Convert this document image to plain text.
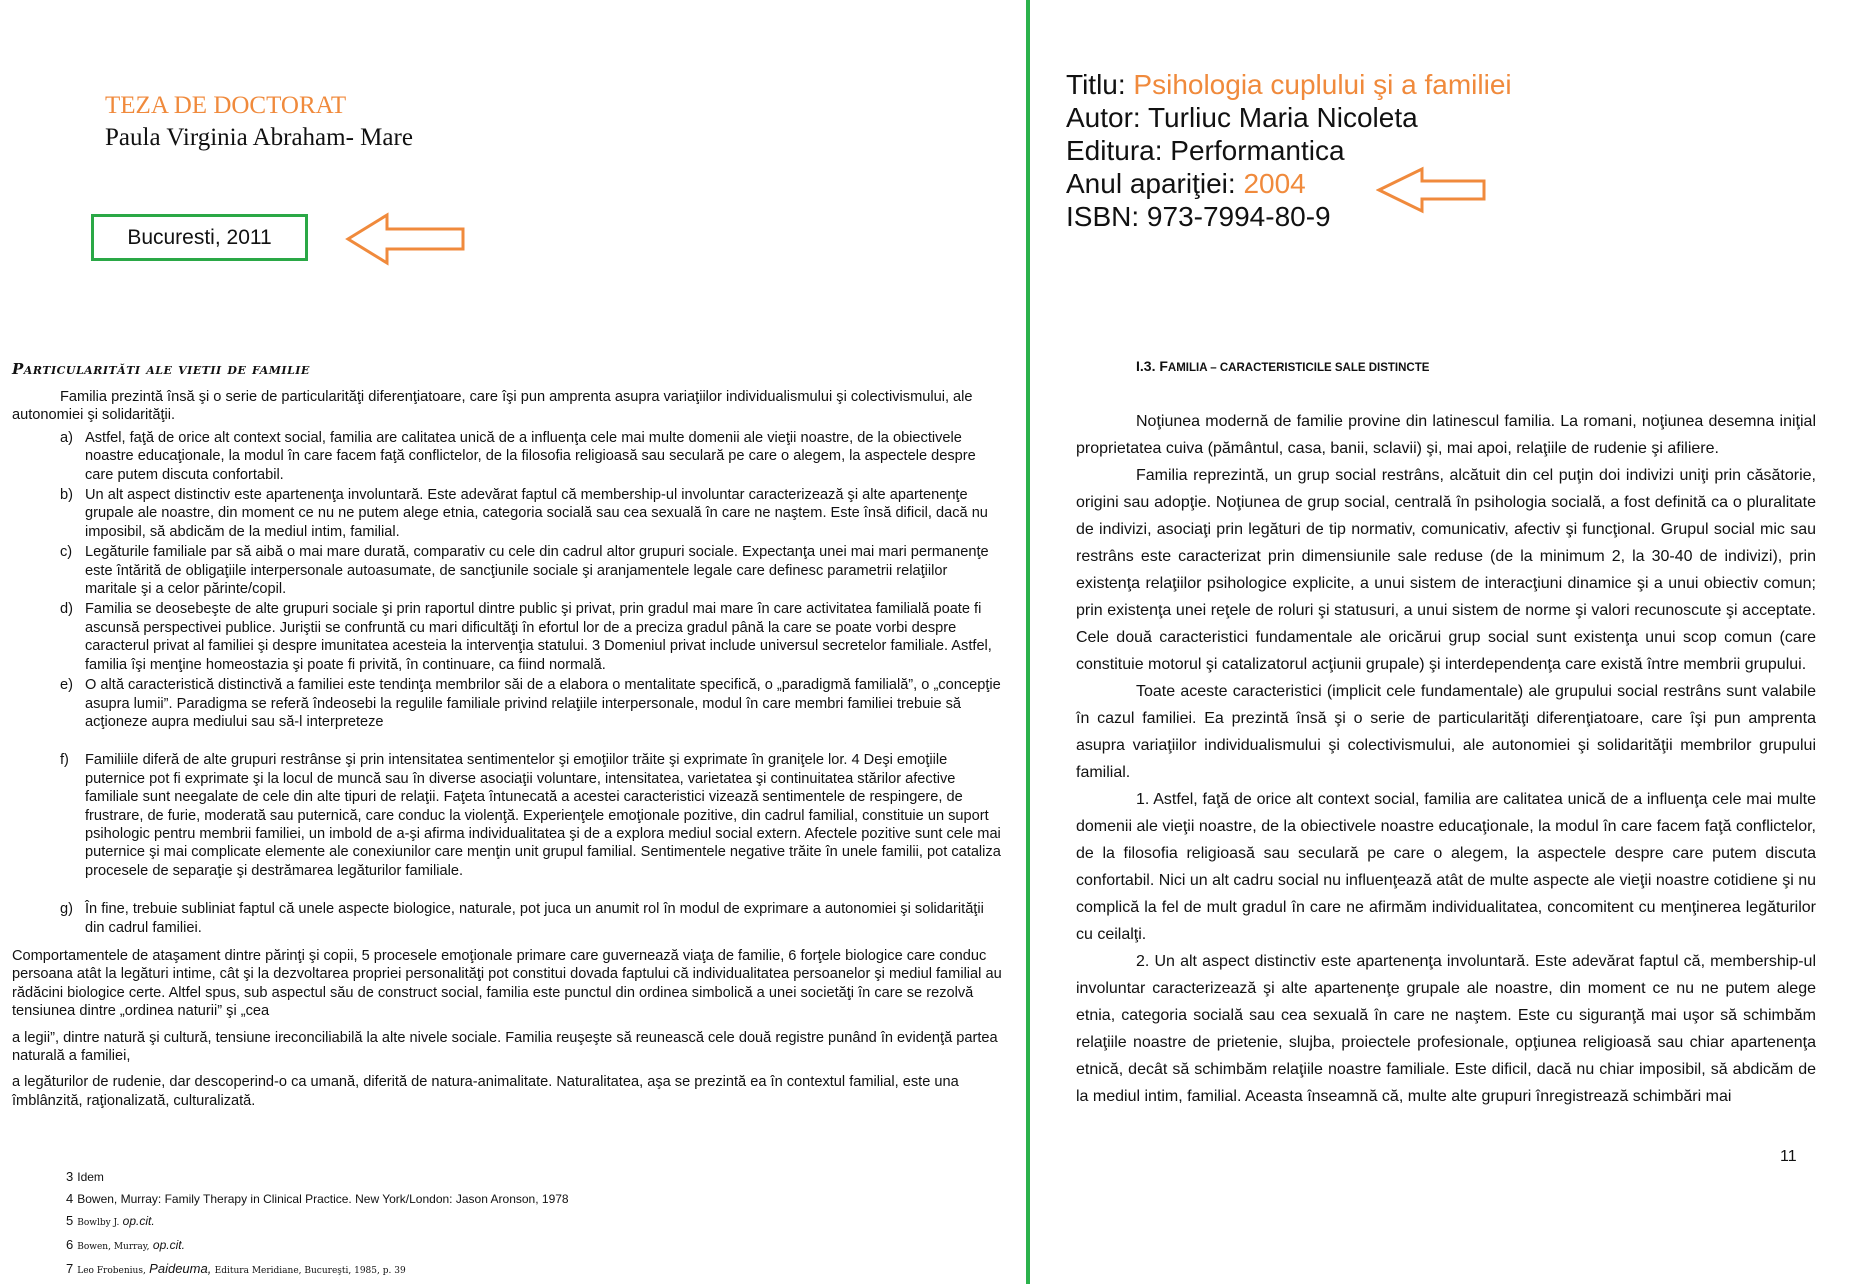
TEZA DE DOCTORAT
Paula Virginia Abraham- Mare
Bucuresti, 2011
Particularităti ale vietii de familie

Familia prezintă însă şi o serie de particularităţi diferenţiatoare, care îşi pun amprenta asupra variaţiilor individualismului şi colectivismului, ale autonomiei şi solidarităţii.

a) Astfel, faţă de orice alt context social, familia are calitatea unică de a influenţa cele mai multe domenii ale vieţii noastre, de la obiectivele noastre educaţionale, la modul în care facem faţă conflictelor, de la filosofia religioasă sau seculară pe care o alegem, la aspectele despre care putem discuta confortabil.
b) Un alt aspect distinctiv este apartenenţa involuntară. Este adevărat faptul că membership-ul involuntar caracterizează şi alte apartenenţe grupale ale noastre, din moment ce nu ne putem alege etnia, categoria socială sau cea sexuală în care ne naştem. Este însă dificil, dacă nu imposibil, să abdicăm de la mediul intim, familial.
c) Legăturile familiale par să aibă o mai mare durată, comparativ cu cele din cadrul altor grupuri sociale. Expectanţa unei mai mari permanenţe este întărită de obligaţiile interpersonale autoasumate, de sancţiunile sociale şi aranjamentele legale care definesc parametrii relaţiilor maritale şi a celor părinte/copil.
d) Familia se deosebeşte de alte grupuri sociale şi prin raportul dintre public şi privat, prin gradul mai mare în care activitatea familială poate fi ascunsă perspectivei publice. Juriştii se confruntă cu mari dificultăţi în efortul lor de a preciza gradul până la care se poate vorbi despre caracterul privat al familiei şi despre imunitatea acesteia la intervenţia statului. 3 Domeniul privat include universul secretelor familiale. Astfel, familia îşi menţine homeostazia şi poate fi privită, în continuare, ca fiind normală.
e) O altă caracteristică distinctivă a familiei este tendinţa membrilor săi de a elabora o mentalitate specifică, o „paradigmă familială”, o „concepţie asupra lumii”. Paradigma se referă îndeosebi la regulile familiale privind relaţiile interpersonale, modul în care membri familiei trebuie să acţioneze aupra mediului sau să-l interpreteze
f)	Familiile diferă de alte grupuri restrânse şi prin intensitatea sentimentelor şi emoţiilor trăite şi exprimate în graniţele lor. 4 Deşi emoţiile puternice pot fi exprimate şi la locul de muncă sau în diverse asociaţii voluntare, intensitatea, varietatea şi continuitatea stărilor afective familiale sunt neegalate de cele din alte tipuri de relaţii. Faţeta întunecată a acestei caracteristici vizează sentimentele de respingere, de frustrare, de furie, moderată sau puternică, care conduc la violenţă. Experienţele emoţionale pozitive, din cadrul familial, constituie un suport psihologic pentru membrii familiei, un imbold de a-şi afirma individualitatea şi de a explora mediul social extern. Afectele pozitive sunt cele mai puternice şi mai complicate elemente ale conexiunilor care menţin unit grupul familial. Sentimentele negative trăite în unele familii, pot cataliza procesele de separaţie şi destrămarea legăturilor familiale.
g) În fine, trebuie subliniat faptul că unele aspecte biologice, naturale, pot juca un anumit rol în modul de exprimare a autonomiei şi solidarităţii din cadrul familiei.

Comportamentele de ataşament dintre părinţi şi copii, 5 procesele emoţionale primare care guvernează viaţa de familie, 6 forţele biologice care conduc persoana atât la legături intime, cât şi la dezvoltarea propriei personalităţi pot constitui dovada faptului că individualitatea persoanelor şi mediul familial au rădăcini biologice certe. Altfel spus, sub aspectul său de construct social, familia este punctul din ordinea simbolică a unei societăţi în care se rezolvă tensiunea dintre „ordinea naturii” şi „cea

a legii”, dintre natură şi cultură, tensiune ireconciliabilă la alte nivele sociale. Familia reuşeşte să reunească cele două registre punând în evidenţă partea naturală a familiei,

a legăturilor de rudenie, dar descoperind-o ca umană, diferită de natura-animalitate. Naturalitatea, aşa se prezintă ea în contextul familial, este una îmblânzită, raţionalizată, culturalizată.

3 Idem
4 Bowen, Murray: Family Therapy in Clinical Practice. New York/London: Jason Aronson, 1978
5 Bowlby J. op.cit.
6 Bowen, Murray, op.cit.
7 Leo Frobenius, Paideuma, Editura Meridiane, Bucureşti, 1985, p. 39
Titlu: Psihologia cuplului şi a familiei
Autor: Turliuc Maria Nicoleta
Editura: Performantica
Anul apariţiei: 2004
ISBN: 973-7994-80-9
I.3. FAMILIA – CARACTERISTICILE SALE DISTINCTE

Noţiunea modernă de familie provine din latinescul familia. La romani, noţiunea desemna iniţial proprietatea cuiva (pământul, casa, banii, sclavii) şi, mai apoi, relaţiile de rudenie şi afiliere.

Familia reprezintă, un grup social restrâns, alcătuit din cel puţin doi indivizi uniţi prin căsătorie, origini sau adopţie. Noţiunea de grup social, centrală în psihologia socială, a fost definită ca o pluralitate de indivizi, asociaţi prin legături de tip normativ, comunicativ, afectiv şi funcţional. Grupul social mic sau restrâns este caracterizat prin dimensiunile sale reduse (de la minimum 2, la 30-40 de indivizi), prin existenţa relaţiilor psihologice explicite, a unui sistem de interacţiuni dinamice şi a unui obiectiv comun; prin existenţa unei reţele de roluri şi statusuri, a unui sistem de norme şi valori recunoscute şi acceptate. Cele două caracteristici fundamentale ale oricărui grup social sunt existenţa unui scop comun (care constituie motorul şi catalizatorul acţiunii grupale) şi interdependenţa care există între membrii grupului.

Toate aceste caracteristici (implicit cele fundamentale) ale grupului social restrâns sunt valabile în cazul familiei. Ea prezintă însă şi o serie de particularităţi diferenţiatoare, care îşi pun amprenta asupra variaţiilor individualismului şi colectivismului, ale autonomiei şi solidarităţii membrilor grupului familial.

1. Astfel, faţă de orice alt context social, familia are calitatea unică de a influenţa cele mai multe domenii ale vieţii noastre, de la obiectivele noastre educaţionale, la modul în care facem faţă conflictelor, de la filosofia religioasă sau seculară pe care o alegem, la aspectele despre care putem discuta confortabil. Nici un alt cadru social nu influenţează atât de multe aspecte ale vieţii noastre cotidiene şi nu complică la fel de mult gradul în care ne afirmăm individualitatea, concomitent cu menţinerea legăturilor cu ceilalţi.

2. Un alt aspect distinctiv este apartenenţa involuntară. Este adevărat faptul că, membership-ul involuntar caracterizează şi alte apartenenţe grupale ale noastre, din moment ce nu ne putem alege etnia, categoria socială sau cea sexuală în care ne naştem. Este cu siguranţă mai uşor să schimbăm relaţiile noastre de prietenie, slujba, proiectele profesionale, opţiunea religioasă sau chiar apartenenţa etnică, decât să schimbăm relaţiile noastre familiale. Este dificil, dacă nu chiar imposibil, să abdicăm de la mediul intim, familial. Aceasta înseamnă că, multe alte grupuri înregistrează schimbări mai

11
